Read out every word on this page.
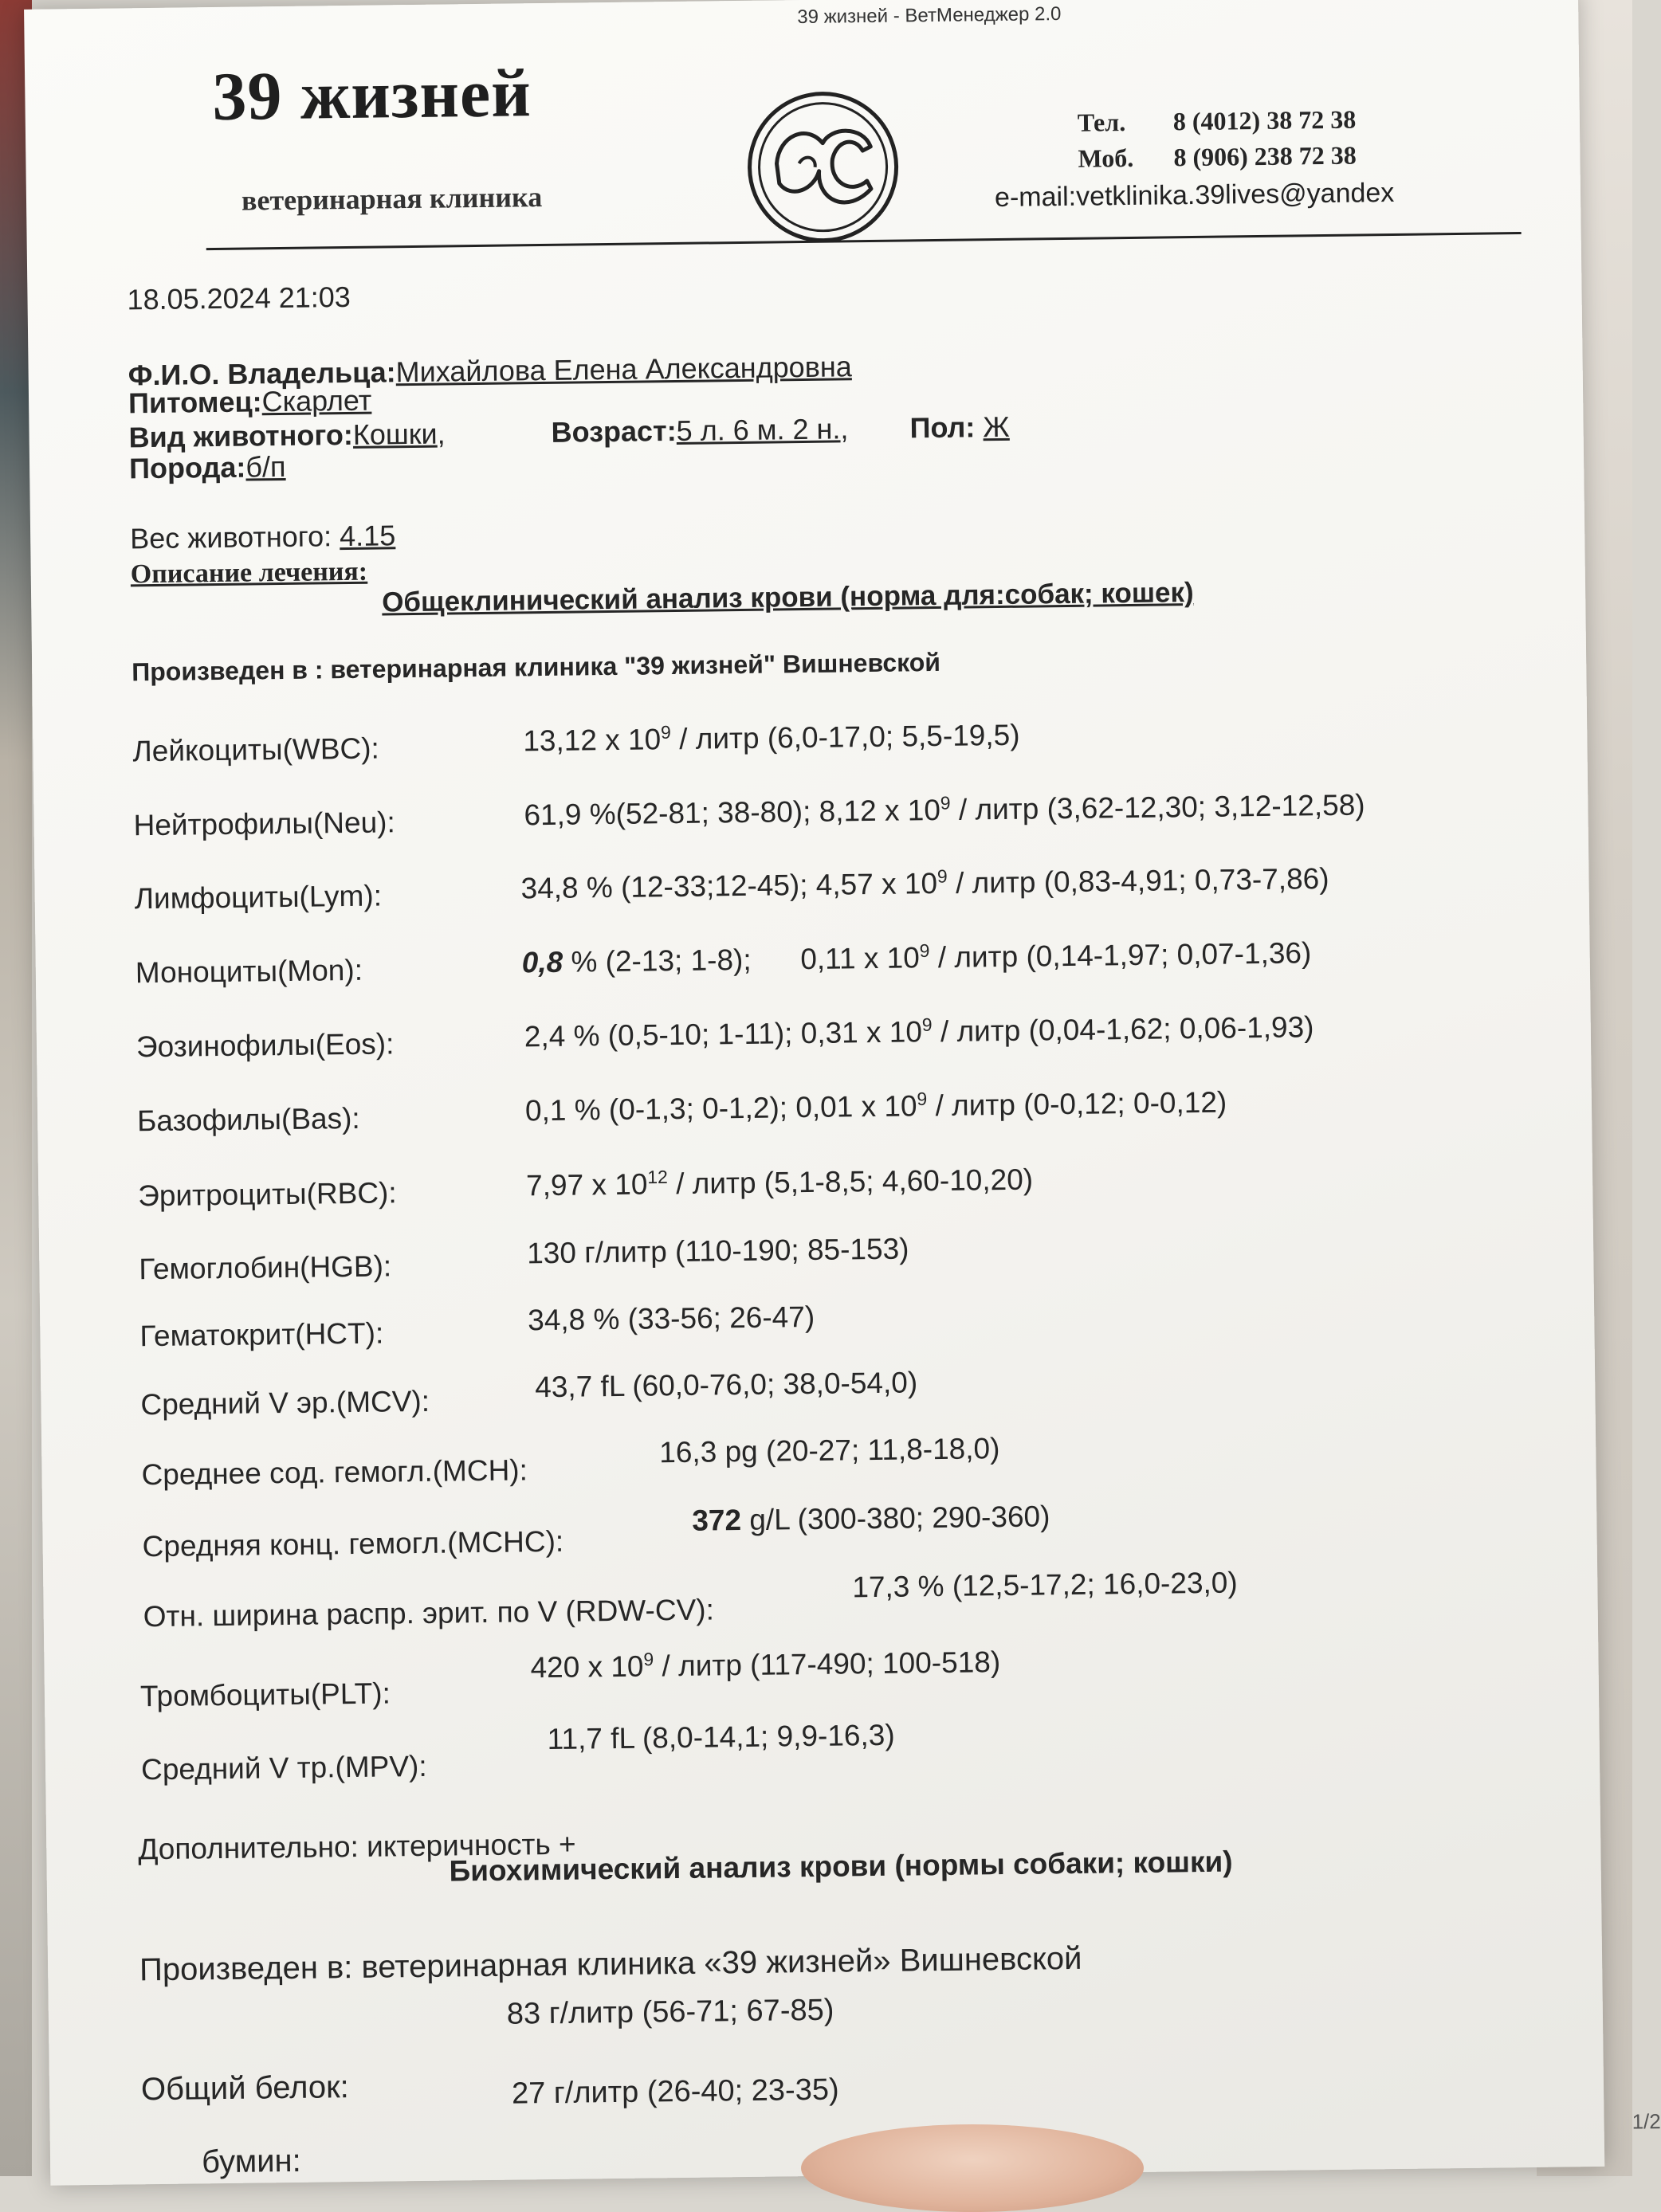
39 жизней - ВетМенеджер 2.0
39 жизней
ветеринарная клиника
Тел. 8 (4012) 38 72 38
Моб. 8 (906) 238 72 38
e-mail:vetklinika.39lives@yandex
18.05.2024 21:03
Ф.И.О. Владельца:Михайлова Елена Александровна
Питомец:Скарлет
Вид животного:Кошки,	Возраст:5 л. 6 м. 2 н., Пол: Ж
Порода:б/п
Вес животного: 4.15
Описание лечения:
Общеклинический анализ крови (норма для:собак; кошек)
Произведен в : ветеринарная клиника "39 жизней" Вишневской
Лейкоциты(WBC):	13,12 x $10^9$ / литр (6,0-17,0; 5,5-19,5)
Нейтрофилы(Neu):	61,9 %(52-81; 38-80); 8,12 x $10^9$ / литр (3,62-12,30; 3,12-12,58)
Лимфоциты(Lym):	34,8 % (12-33;12-45); 4,57 x $10^9$ / литр (0,83-4,91; 0,73-7,86)
Моноциты(Mon):	0,8 % (2-13; 1-8);      0,11 x $10^9$ / литр (0,14-1,97; 0,07-1,36)
Эозинофилы(Eos):	2,4 % (0,5-10; 1-11); 0,31 x $10^9$ / литр (0,04-1,62; 0,06-1,93)
Базофилы(Bas):	0,1 % (0-1,3; 0-1,2); 0,01 x $10^9$ / литр (0-0,12; 0-0,12)
Эритроциты(RBC):	7,97 x $10^{12}$ / литр (5,1-8,5; 4,60-10,20)
Гемоглобин(HGB):	130 г/литр (110-190; 85-153)
Гематокрит(HCT):	34,8 % (33-56; 26-47)
Средний V эр.(MCV):	43,7 fL (60,0-76,0; 38,0-54,0)
Среднее сод. гемогл.(MCH):
16,3 pg (20-27; 11,8-18,0)
Средняя конц. гемогл.(MCHC):
372 g/L (300-380; 290-360)
Отн. ширина распр. эрит. по V (RDW-CV):
17,3 % (12,5-17,2; 16,0-23,0)
Тромбоциты(PLT):
420 x $10^9$ / литр (117-490; 100-518)
Средний V тр.(MPV):
11,7 fL (8,0-14,1; 9,9-16,3)
Дополнительно: иктеричность +
Биохимический анализ крови (нормы собаки; кошки)
Произведен в: ветеринарная клиника «39 жизней» Вишневской
Общий белок:
83 г/литр (56-71; 67-85)
бумин:
27 г/литр (26-40; 23-35)
1/2
